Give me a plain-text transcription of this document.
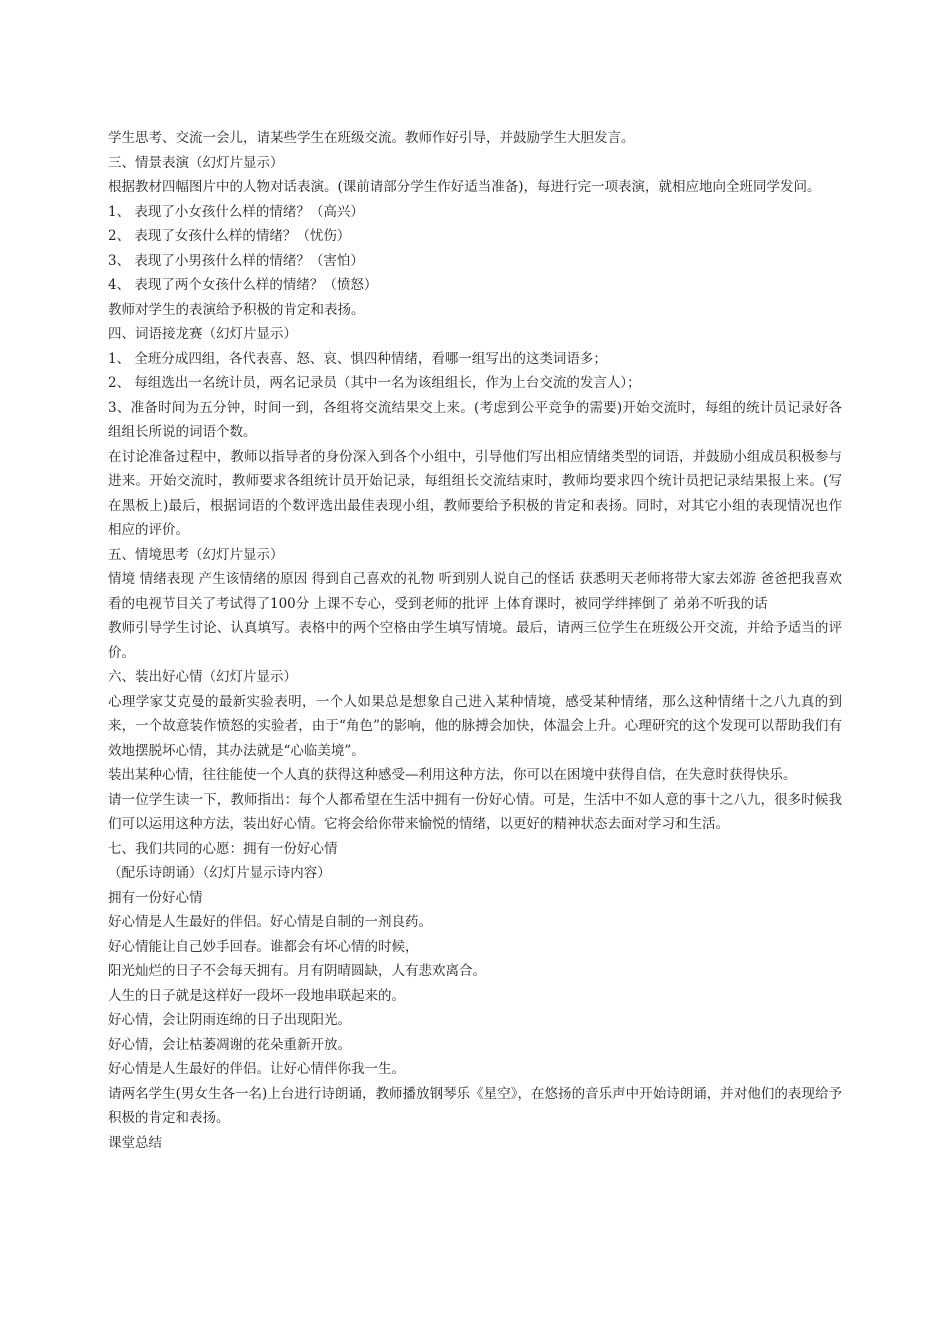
学生思考、交流一会儿，请某些学生在班级交流。教师作好引导，并鼓励学生大胆发言。

三、情景表演（幻灯片显示）

根据教材四幅图片中的人物对话表演。(课前请部分学生作好适当准备)，每进行完一项表演，就相应地向全班同学发问。

1、 表现了小女孩什么样的情绪？（高兴）

2、 表现了女孩什么样的情绪？（忧伤）

3、 表现了小男孩什么样的情绪？（害怕）

4、 表现了两个女孩什么样的情绪？（愤怒）

教师对学生的表演给予积极的肯定和表扬。

四、词语接龙赛（幻灯片显示）

1、 全班分成四组，各代表喜、怒、哀、惧四种情绪，看哪一组写出的这类词语多；

2、 每组选出一名统计员，两名记录员（其中一名为该组组长，作为上台交流的发言人）；

3、准备时间为五分钟，时间一到，各组将交流结果交上来。(考虑到公平竞争的需要)开始交流时，每组的统计员记录好各组组长所说的词语个数。

在讨论准备过程中，教师以指导者的身份深入到各个小组中，引导他们写出相应情绪类型的词语，并鼓励小组成员积极参与进来。开始交流时，教师要求各组统计员开始记录，每组组长交流结束时，教师均要求四个统计员把记录结果报上来。(写在黑板上)最后，根据词语的个数评选出最佳表现小组，教师要给予积极的肯定和表扬。同时，对其它小组的表现情况也作相应的评价。

五、情境思考（幻灯片显示）

情境 情绪表现 产生该情绪的原因 得到自己喜欢的礼物 听到别人说自己的怪话 获悉明天老师将带大家去郊游 爸爸把我喜欢看的电视节目关了考试得了100分 上课不专心，受到老师的批评 上体育课时，被同学绊摔倒了 弟弟不听我的话

教师引导学生讨论、认真填写。表格中的两个空格由学生填写情境。最后，请两三位学生在班级公开交流，并给予适当的评价。

六、装出好心情（幻灯片显示）

心理学家艾克曼的最新实验表明，一个人如果总是想象自己进入某种情境，感受某种情绪，那么这种情绪十之八九真的到来，一个故意装作愤怒的实验者，由于“角色”的影响，他的脉搏会加快，体温会上升。心理研究的这个发现可以帮助我们有效地摆脱坏心情，其办法就是“心临美境”。

装出某种心情，往往能使一个人真的获得这种感受—利用这种方法，你可以在困境中获得自信，在失意时获得快乐。

请一位学生读一下，教师指出：每个人都希望在生活中拥有一份好心情。可是，生活中不如人意的事十之八九，很多时候我们可以运用这种方法，装出好心情。它将会给你带来愉悦的情绪，以更好的精神状态去面对学习和生活。

七、我们共同的心愿：拥有一份好心情

（配乐诗朗诵）（幻灯片显示诗内容）

拥有一份好心情

好心情是人生最好的伴侣。好心情是自制的一剂良药。

好心情能让自己妙手回春。谁都会有坏心情的时候，

阳光灿烂的日子不会每天拥有。月有阴晴圆缺，人有悲欢离合。

人生的日子就是这样好一段坏一段地串联起来的。

好心情，会让阴雨连绵的日子出现阳光。

好心情，会让枯萎凋谢的花朵重新开放。

好心情是人生最好的伴侣。让好心情伴你我一生。

请两名学生(男女生各一名)上台进行诗朗诵，教师播放钢琴乐《星空》，在悠扬的音乐声中开始诗朗诵，并对他们的表现给予积极的肯定和表扬。

课堂总结
